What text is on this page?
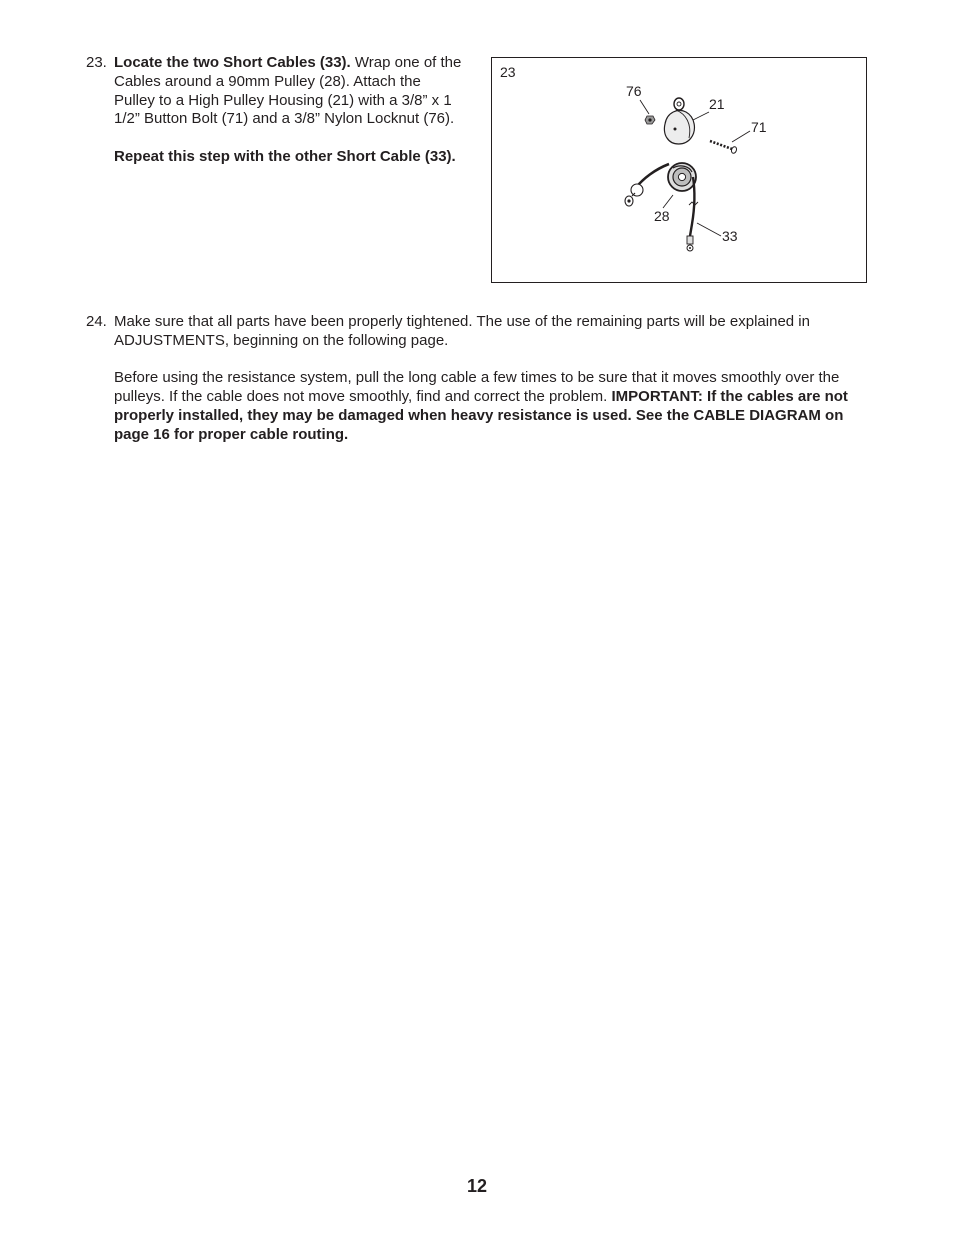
23. Locate the two Short Cables (33). Wrap one of the Cables around a 90mm Pulley (28). Attach the Pulley to a High Pulley Housing (21) with a 3/8” x 1 1/2” Button Bolt (71) and a 3/8” Nylon Locknut (76).

Repeat this step with the other Short Cable (33).

23
76
21
71
28
33
24. Make sure that all parts have been properly tightened. The use of the remaining parts will be explained in ADJUSTMENTS, beginning on the following page.

Before using the resistance system, pull the long cable a few times to be sure that it moves smoothly over the pulleys. If the cable does not move smoothly, find and correct the problem. IMPORTANT: If the cables are not properly installed, they may be damaged when heavy resistance is used. See the CABLE DIAGRAM on page 16 for proper cable routing.

12
